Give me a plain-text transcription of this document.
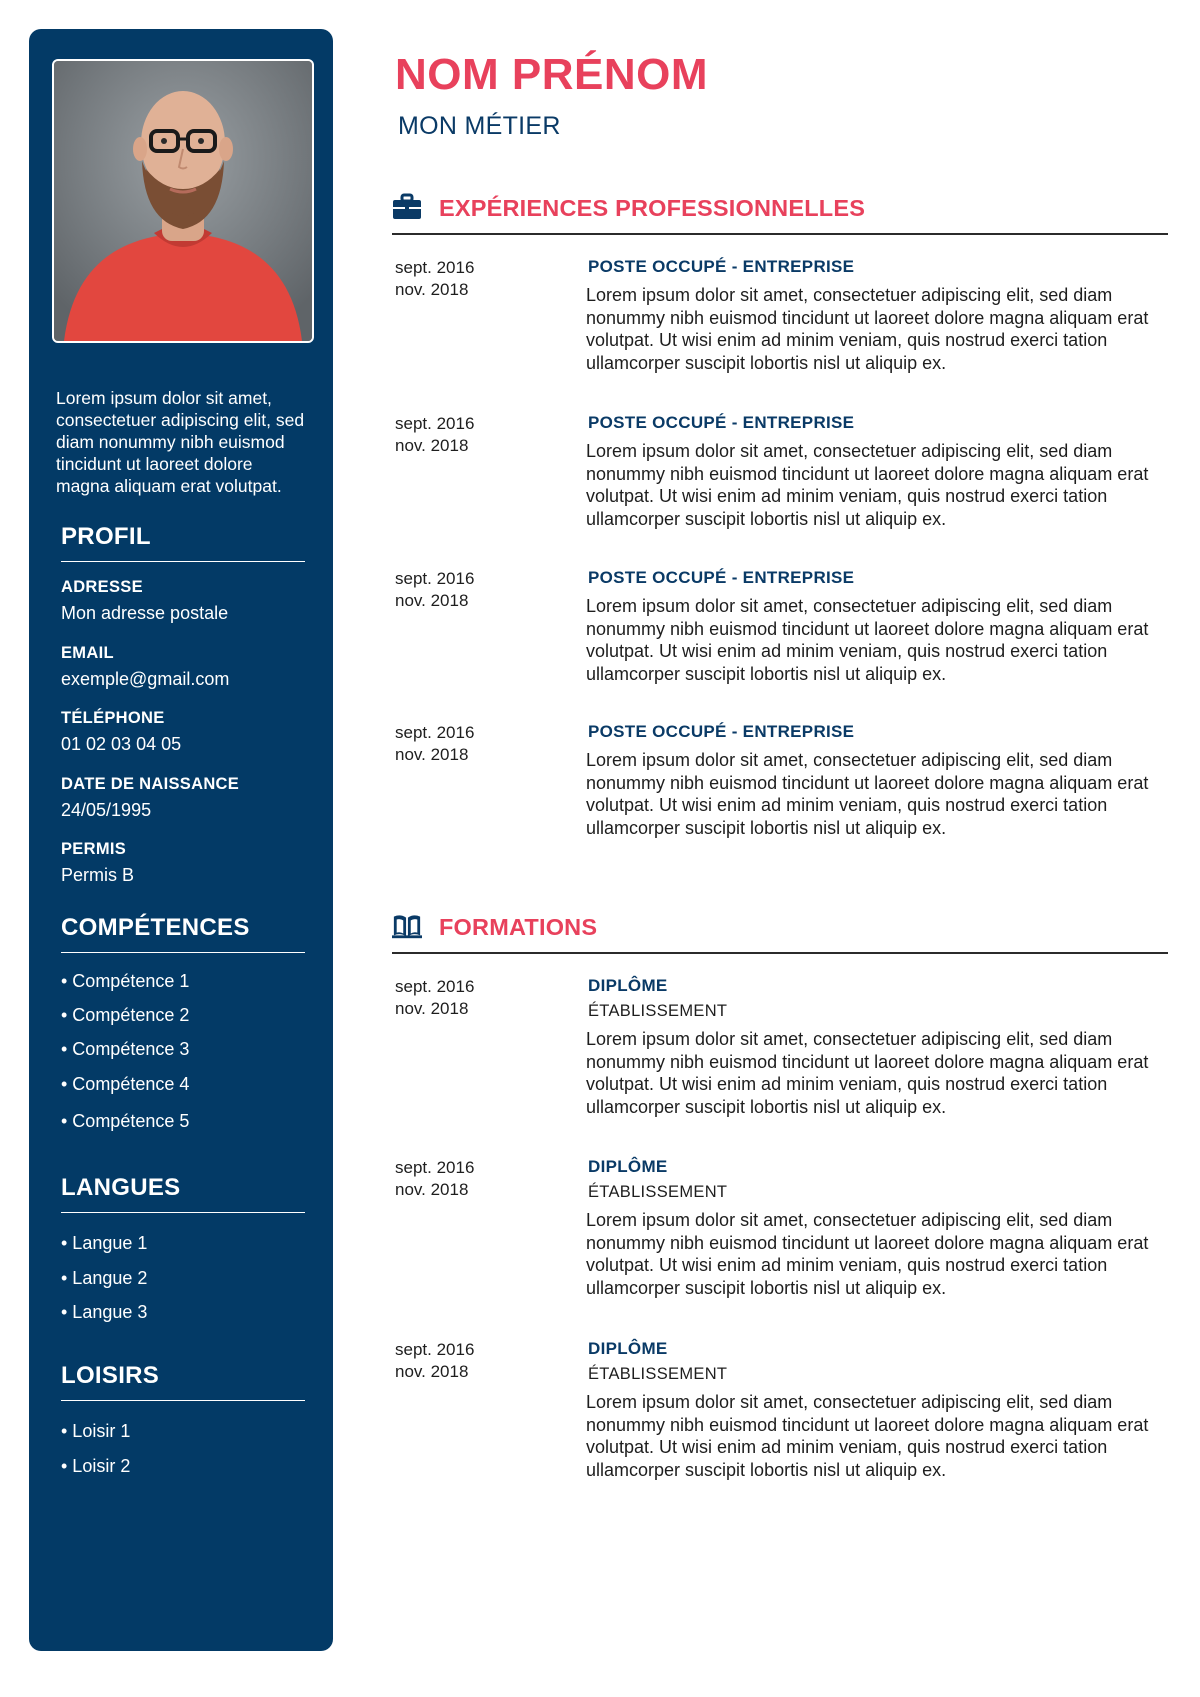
Lorem ipsum dolor sit amet, consectetuer adipiscing elit, sed diam nonummy nibh euismod tincidunt ut laoreet dolore magna aliquam erat volutpat.
PROFIL
ADRESSE
Mon adresse postale
EMAIL
exemple@gmail.com
TÉLÉPHONE
01 02 03 04 05
DATE DE NAISSANCE
24/05/1995
PERMIS
Permis B
COMPÉTENCES
• Compétence 1
• Compétence 2
• Compétence 3
• Compétence 4
• Compétence 5
LANGUES
• Langue 1
• Langue 2
• Langue 3
LOISIRS
• Loisir 1
• Loisir 2
NOM PRÉNOM
MON MÉTIER
EXPÉRIENCES PROFESSIONNELLES
sept. 2016
nov. 2018
POSTE OCCUPÉ - ENTREPRISE
Lorem ipsum dolor sit amet, consectetuer adipiscing elit, sed diam nonummy nibh euismod tincidunt ut laoreet dolore magna aliquam erat volutpat. Ut wisi enim ad minim veniam, quis nostrud exerci tation ullamcorper suscipit lobortis nisl ut aliquip ex.
sept. 2016
nov. 2018
POSTE OCCUPÉ - ENTREPRISE
Lorem ipsum dolor sit amet, consectetuer adipiscing elit, sed diam nonummy nibh euismod tincidunt ut laoreet dolore magna aliquam erat volutpat. Ut wisi enim ad minim veniam, quis nostrud exerci tation ullamcorper suscipit lobortis nisl ut aliquip ex.
sept. 2016
nov. 2018
POSTE OCCUPÉ - ENTREPRISE
Lorem ipsum dolor sit amet, consectetuer adipiscing elit, sed diam nonummy nibh euismod tincidunt ut laoreet dolore magna aliquam erat volutpat. Ut wisi enim ad minim veniam, quis nostrud exerci tation ullamcorper suscipit lobortis nisl ut aliquip ex.
sept. 2016
nov. 2018
POSTE OCCUPÉ - ENTREPRISE
Lorem ipsum dolor sit amet, consectetuer adipiscing elit, sed diam nonummy nibh euismod tincidunt ut laoreet dolore magna aliquam erat volutpat. Ut wisi enim ad minim veniam, quis nostrud exerci tation ullamcorper suscipit lobortis nisl ut aliquip ex.
FORMATIONS
sept. 2016
nov. 2018
DIPLÔME
ÉTABLISSEMENT
Lorem ipsum dolor sit amet, consectetuer adipiscing elit, sed diam nonummy nibh euismod tincidunt ut laoreet dolore magna aliquam erat volutpat. Ut wisi enim ad minim veniam, quis nostrud exerci tation ullamcorper suscipit lobortis nisl ut aliquip ex.
sept. 2016
nov. 2018
DIPLÔME
ÉTABLISSEMENT
Lorem ipsum dolor sit amet, consectetuer adipiscing elit, sed diam nonummy nibh euismod tincidunt ut laoreet dolore magna aliquam erat volutpat. Ut wisi enim ad minim veniam, quis nostrud exerci tation ullamcorper suscipit lobortis nisl ut aliquip ex.
sept. 2016
nov. 2018
DIPLÔME
ÉTABLISSEMENT
Lorem ipsum dolor sit amet, consectetuer adipiscing elit, sed diam nonummy nibh euismod tincidunt ut laoreet dolore magna aliquam erat volutpat. Ut wisi enim ad minim veniam, quis nostrud exerci tation ullamcorper suscipit lobortis nisl ut aliquip ex.
